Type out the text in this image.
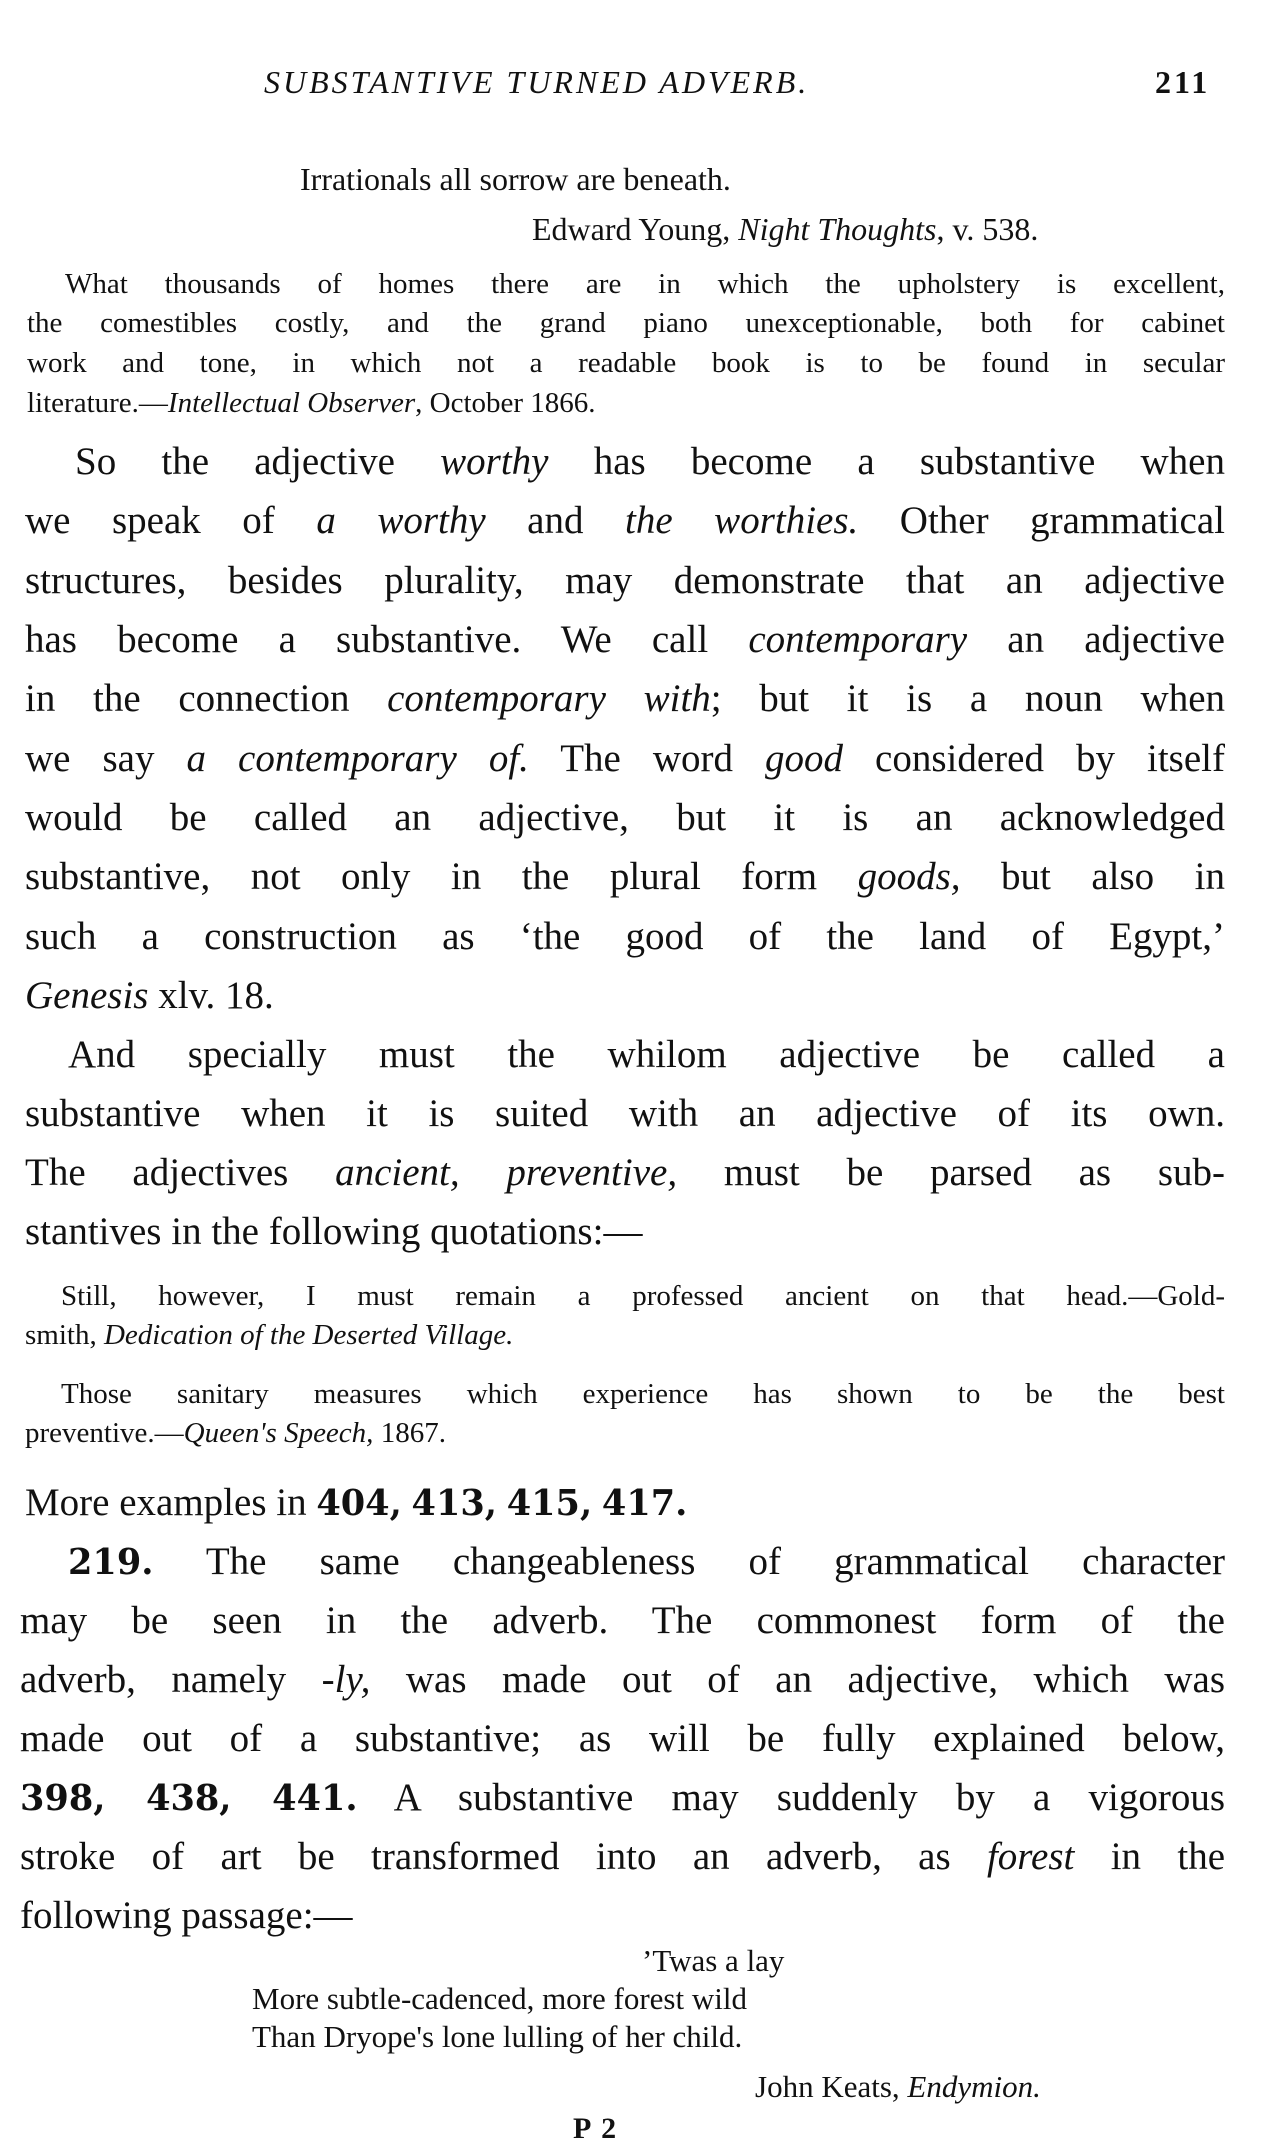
SUBSTANTIVE TURNED ADVERB.	211
Irrationals all sorrow are beneath.
Edward Young, Night Thoughts, v. 538.
What thousands of homes there are in which the upholstery is excellent,
the comestibles costly, and the grand piano unexceptionable, both for cabinet
work and tone, in which not a readable book is to be found in secular
literature.—Intellectual Observer, October 1866.
So the adjective worthy has become a substantive when
we speak of a worthy and the worthies. Other grammatical
structures, besides plurality, may demonstrate that an adjective
has become a substantive. We call contemporary an adjective
in the connection contemporary with; but it is a noun when
we say a contemporary of. The word good considered by itself
would be called an adjective, but it is an acknowledged
substantive, not only in the plural form goods, but also in
such a construction as ‘the good of the land of Egypt,’
Genesis xlv. 18.
And specially must the whilom adjective be called a
substantive when it is suited with an adjective of its own.
The adjectives ancient, preventive, must be parsed as sub-
stantives in the following quotations:—
Still, however, I must remain a professed ancient on that head.—Gold-
smith, Dedication of the Deserted Village.
Those sanitary measures which experience has shown to be the best
preventive.—Queen's Speech, 1867.
More examples in 404, 413, 415, 417.
219. The same changeableness of grammatical character
may be seen in the adverb. The commonest form of the
adverb, namely -ly, was made out of an adjective, which was
made out of a substantive; as will be fully explained below,
398, 438, 441. A substantive may suddenly by a vigorous
stroke of art be transformed into an adverb, as forest in the
following passage:—
’Twas a lay
More subtle-cadenced, more forest wild
Than Dryope's lone lulling of her child.
John Keats, Endymion.
P 2
